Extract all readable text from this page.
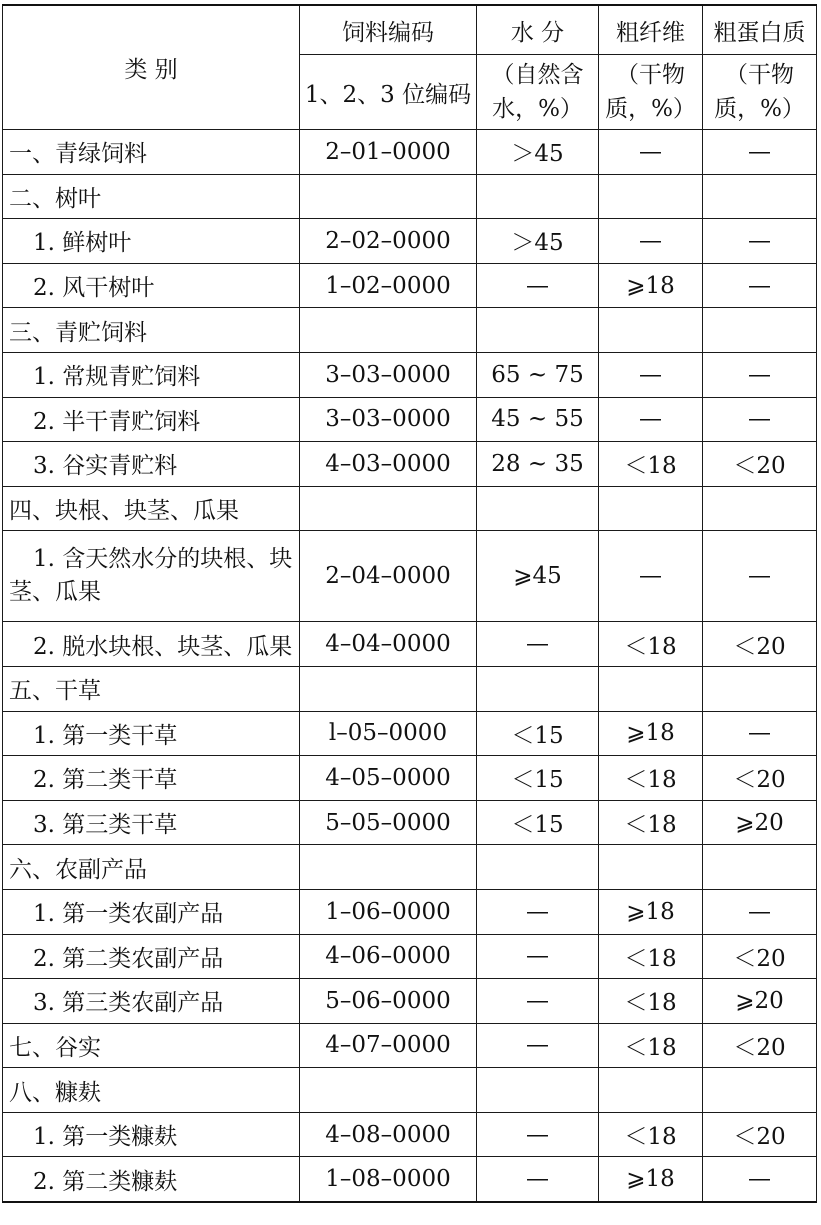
类 别	饲料编码	水 分	粗纤维	粗蛋白质
	1、2、3 位编码	（自然含水，%）	（干物质，%）	（干物质，%）
一、青绿饲料	2–01–0000	＞45	—	—
二、树叶				
1. 鲜树叶	2–02–0000	＞45	—	—
2. 风干树叶	1–02–0000	—	⩾18	—
三、青贮饲料				
1. 常规青贮饲料	3–03–0000	65 ~ 75	—	—
2. 半干青贮饲料	3–03–0000	45 ~ 55	—	—
3. 谷实青贮料	4–03–0000	28 ~ 35	＜18	＜20
四、块根、块茎、瓜果				
1. 含天然水分的块根、块茎、瓜果	2–04–0000	⩾45	—	—
2. 脱水块根、块茎、瓜果	4–04–0000	—	＜18	＜20
五、干草				
1. 第一类干草	l–05–0000	＜15	⩾18	—
2. 第二类干草	4–05–0000	＜15	＜18	＜20
3. 第三类干草	5–05–0000	＜15	＜18	⩾20
六、农副产品				
1. 第一类农副产品	1–06–0000	—	⩾18	—
2. 第二类农副产品	4–06–0000	—	＜18	＜20
3. 第三类农副产品	5–06–0000	—	＜18	⩾20
七、谷实	4–07–0000	—	＜18	＜20
八、糠麸				
1. 第一类糠麸	4–08–0000	—	＜18	＜20
2. 第二类糠麸	1–08–0000	—	⩾18	—
